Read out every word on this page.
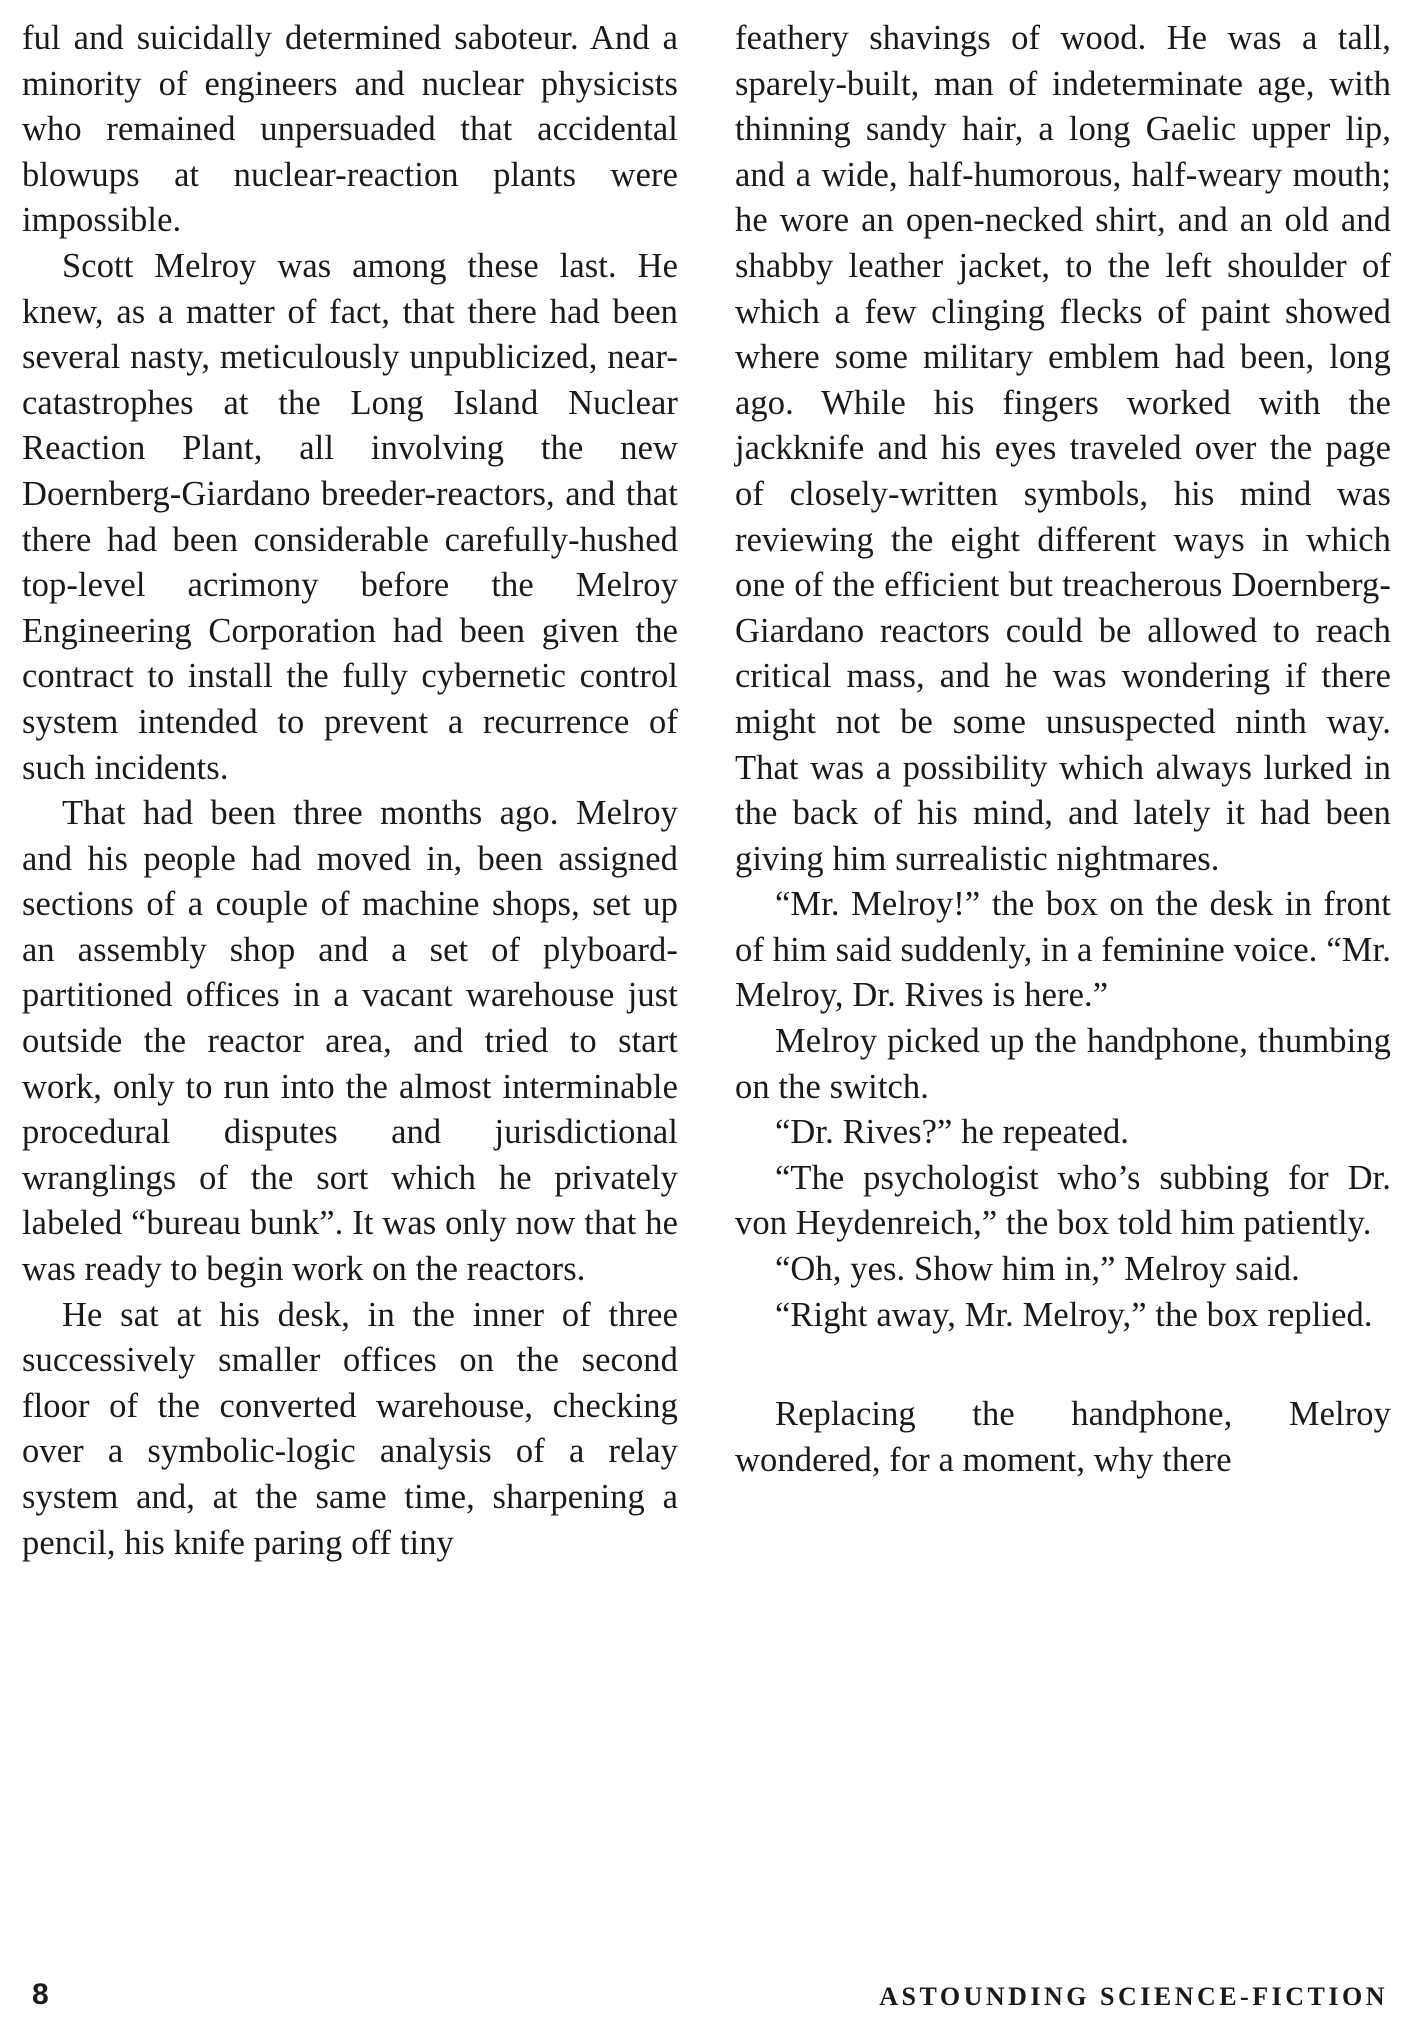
ful and suicidally determined saboteur. And a minority of engineers and nuclear physicists who remained unpersuaded that accidental blowups at nuclear-reaction plants were impossible.

Scott Melroy was among these last. He knew, as a matter of fact, that there had been several nasty, meticulously unpublicized, near-catastrophes at the Long Island Nuclear Reaction Plant, all involving the new Doernberg-Giardano breeder-reactors, and that there had been considerable carefully-hushed top-level acrimony before the Melroy Engineering Corporation had been given the contract to install the fully cybernetic control system intended to prevent a recurrence of such incidents.

That had been three months ago. Melroy and his people had moved in, been assigned sections of a couple of machine shops, set up an assembly shop and a set of plyboard-partitioned offices in a vacant warehouse just outside the reactor area, and tried to start work, only to run into the almost interminable procedural disputes and jurisdictional wranglings of the sort which he privately labeled “bureau bunk”. It was only now that he was ready to begin work on the reactors.

He sat at his desk, in the inner of three successively smaller offices on the second floor of the converted warehouse, checking over a symbolic-logic analysis of a relay system and, at the same time, sharpening a pencil, his knife paring off tiny

feathery shavings of wood. He was a tall, sparely-built, man of indeterminate age, with thinning sandy hair, a long Gaelic upper lip, and a wide, half-humorous, half-weary mouth; he wore an open-necked shirt, and an old and shabby leather jacket, to the left shoulder of which a few clinging flecks of paint showed where some military emblem had been, long ago. While his fingers worked with the jackknife and his eyes traveled over the page of closely-written symbols, his mind was reviewing the eight different ways in which one of the efficient but treacherous Doernberg-Giardano reactors could be allowed to reach critical mass, and he was wondering if there might not be some unsuspected ninth way. That was a possibility which always lurked in the back of his mind, and lately it had been giving him surrealistic nightmares.

“Mr. Melroy!” the box on the desk in front of him said suddenly, in a feminine voice. “Mr. Melroy, Dr. Rives is here.”

Melroy picked up the handphone, thumbing on the switch.

“Dr. Rives?” he repeated.

“The psychologist who’s subbing for Dr. von Heydenreich,” the box told him patiently.

“Oh, yes. Show him in,” Melroy said.

“Right away, Mr. Melroy,” the box replied.

Replacing the handphone, Melroy wondered, for a moment, why there

8	ASTOUNDING SCIENCE-FICTION
